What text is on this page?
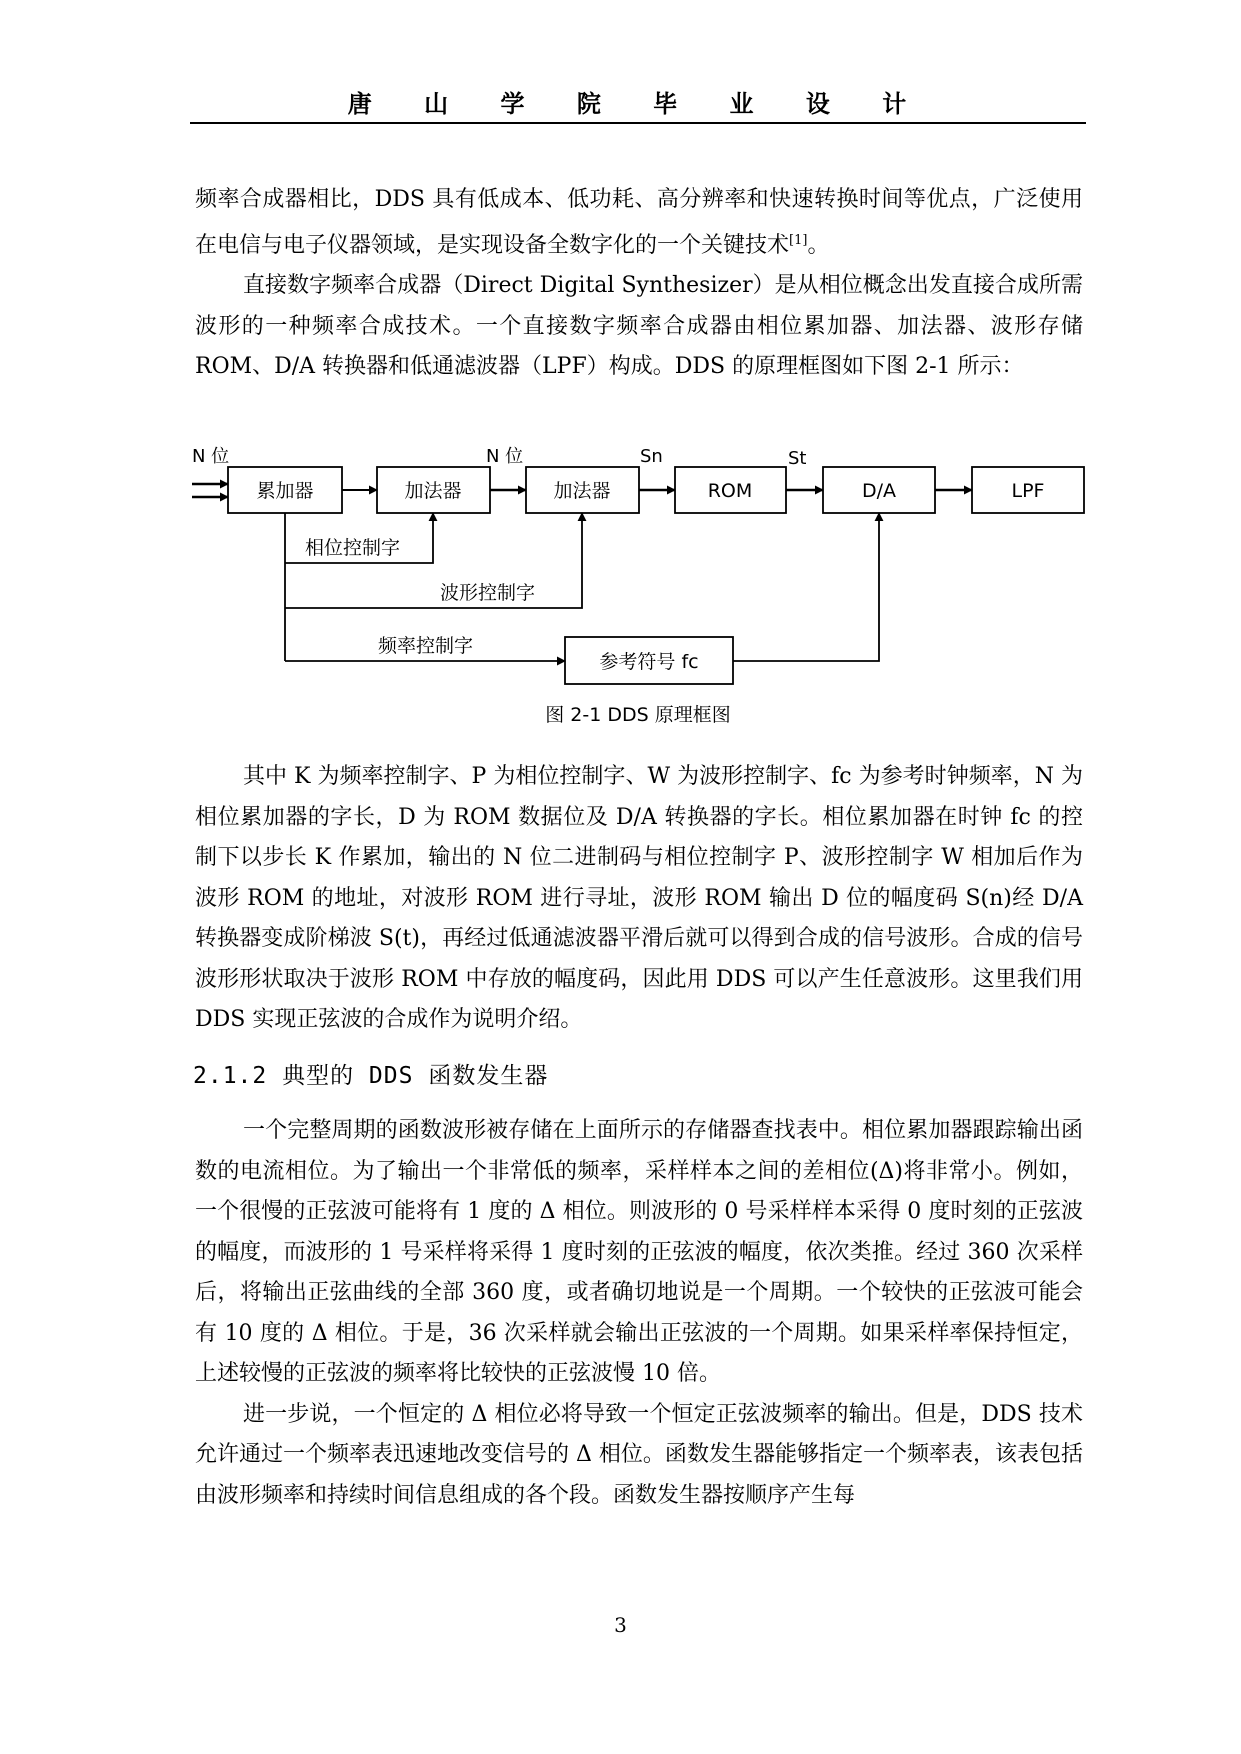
唐 山 学 院 毕 业 设 计

频率合成器相比，DDS 具有低成本、低功耗、高分辨率和快速转换时间等优点，广泛使用在电信与电子仪器领域，是实现设备全数字化的一个关键技术[1]。

直接数字频率合成器（Direct Digital Synthesizer）是从相位概念出发直接合成所需波形的一种频率合成技术。一个直接数字频率合成器由相位累加器、加法器、波形存储 ROM、D/A 转换器和低通滤波器（LPF）构成。DDS 的原理框图如下图 2-1 所示：

N 位	N 位	Sn	St
累加器	加法器	加法器	ROM	D/A	LPF
参考符号 fc
相位控制字
波形控制字
频率控制字
图 2-1 DDS 原理框图

其中 K 为频率控制字、P 为相位控制字、W 为波形控制字、fc 为参考时钟频率，N 为相位累加器的字长，D 为 ROM 数据位及 D/A 转换器的字长。相位累加器在时钟 fc 的控制下以步长 K 作累加，输出的 N 位二进制码与相位控制字 P、波形控制字 W 相加后作为波形 ROM 的地址，对波形 ROM 进行寻址，波形 ROM 输出 D 位的幅度码 S(n)经 D/A 转换器变成阶梯波 S(t)，再经过低通滤波器平滑后就可以得到合成的信号波形。合成的信号波形形状取决于波形 ROM 中存放的幅度码，因此用 DDS 可以产生任意波形。这里我们用 DDS 实现正弦波的合成作为说明介绍。

2.1.2 典型的 DDS 函数发生器

一个完整周期的函数波形被存储在上面所示的存储器查找表中。相位累加器跟踪输出函数的电流相位。为了输出一个非常低的频率，采样样本之间的差相位(Δ)将非常小。例如，一个很慢的正弦波可能将有 1 度的 Δ 相位。则波形的 0 号采样样本采得 0 度时刻的正弦波的幅度，而波形的 1 号采样将采得 1 度时刻的正弦波的幅度，依次类推。经过 360 次采样后，将输出正弦曲线的全部 360 度，或者确切地说是一个周期。一个较快的正弦波可能会有 10 度的 Δ 相位。于是，36 次采样就会输出正弦波的一个周期。如果采样率保持恒定，上述较慢的正弦波的频率将比较快的正弦波慢 10 倍。

进一步说，一个恒定的 Δ 相位必将导致一个恒定正弦波频率的输出。但是，DDS 技术允许通过一个频率表迅速地改变信号的 Δ 相位。函数发生器能够指定一个频率表，该表包括由波形频率和持续时间信息组成的各个段。函数发生器按顺序产生每

3
